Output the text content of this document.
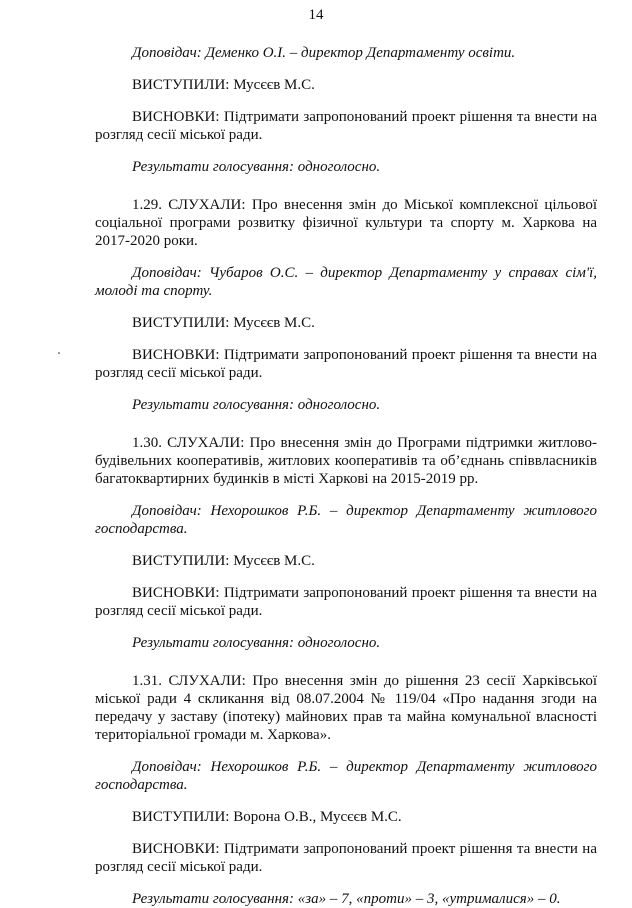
14

Доповідач: Деменко О.І. – директор Департаменту освіти.

ВИСТУПИЛИ: Мусєєв М.С.

ВИСНОВКИ: Підтримати запропонований проект рішення та внести на розгляд сесії міської ради.

Результати голосування: одноголосно.

1.29. СЛУХАЛИ: Про внесення змін до Міської комплексної цільової соціальної програми розвитку фізичної культури та спорту м. Харкова на 2017-2020 роки.

Доповідач: Чубаров О.С. – директор Департаменту у справах сім'ї, молоді та спорту.

ВИСТУПИЛИ: Мусєєв М.С.

ВИСНОВКИ: Підтримати запропонований проект рішення та внести на розгляд сесії міської ради.

Результати голосування: одноголосно.

1.30. СЛУХАЛИ: Про внесення змін до Програми підтримки житлово-будівельних кооперативів, житлових кооперативів та об’єднань співвласників багатоквартирних будинків в місті Харкові на 2015-2019 рр.

Доповідач: Нехорошков Р.Б. – директор Департаменту житлового господарства.

ВИСТУПИЛИ: Мусєєв М.С.

ВИСНОВКИ: Підтримати запропонований проект рішення та внести на розгляд сесії міської ради.

Результати голосування: одноголосно.

1.31. СЛУХАЛИ: Про внесення змін до рішення 23 сесії Харківської міської ради 4 скликання від 08.07.2004 № 119/04 «Про надання згоди на передачу у заставу (іпотеку) майнових прав та майна комунальної власності територіальної громади м. Харкова».

Доповідач: Нехорошков Р.Б. – директор Департаменту житлового господарства.

ВИСТУПИЛИ: Ворона О.В., Мусєєв М.С.

ВИСНОВКИ: Підтримати запропонований проект рішення та внести на розгляд сесії міської ради.

Результати голосування: «за» – 7, «проти» – 3, «утрималися» – 0.
